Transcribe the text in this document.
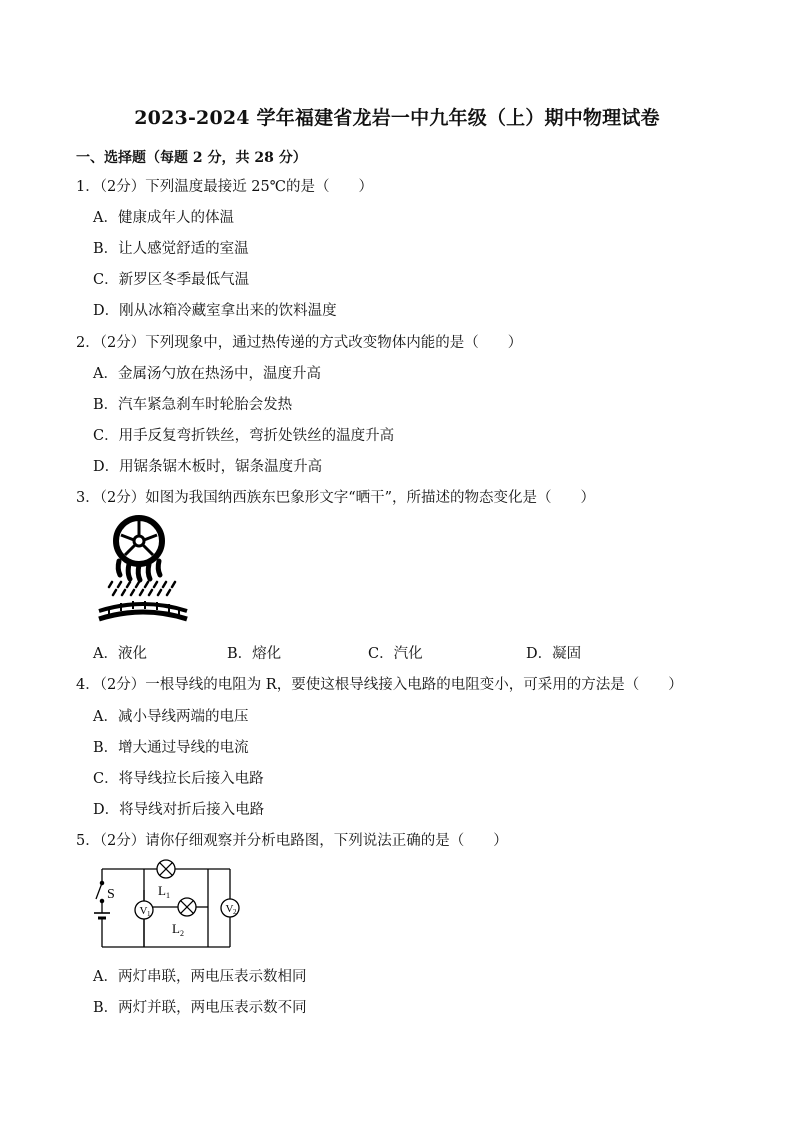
2023-2024 学年福建省龙岩一中九年级（上）期中物理试卷
一、选择题（每题 2 分，共 28 分）
1．（2分）下列温度最接近 25℃的是（　　）
A．健康成年人的体温
B．让人感觉舒适的室温
C．新罗区冬季最低气温
D．刚从冰箱冷藏室拿出来的饮料温度
2．（2分）下列现象中，通过热传递的方式改变物体内能的是（　　）
A．金属汤勺放在热汤中，温度升高
B．汽车紧急刹车时轮胎会发热
C．用手反复弯折铁丝，弯折处铁丝的温度升高
D．用锯条锯木板时，锯条温度升高
3．（2分）如图为我国纳西族东巴象形文字“晒干”，所描述的物态变化是（　　）
A．液化	B．熔化	C．汽化	D．凝固
4．（2分）一根导线的电阻为 R，要使这根导线接入电路的电阻变小，可采用的方法是（　　）
A．减小导线两端的电压
B．增大通过导线的电流
C．将导线拉长后接入电路
D．将导线对折后接入电路
5．（2分）请你仔细观察并分析电路图，下列说法正确的是（　　）
V 1	V 2
S	L 1
L 2
A．两灯串联，两电压表示数相同
B．两灯并联，两电压表示数不同
